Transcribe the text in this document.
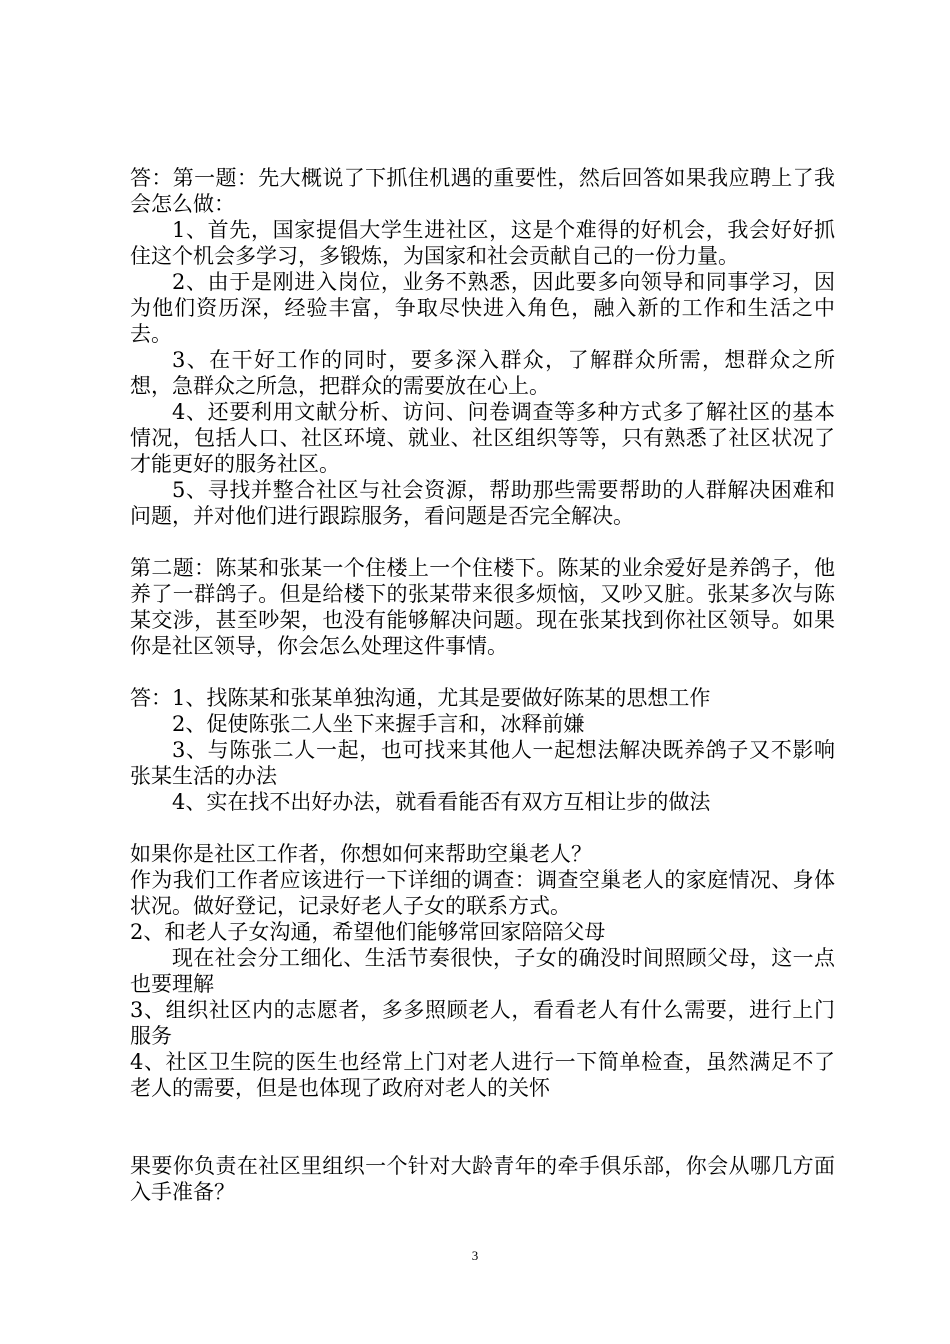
答：第一题：先大概说了下抓住机遇的重要性，然后回答如果我应聘上了我会怎么做：

1、首先，国家提倡大学生进社区，这是个难得的好机会，我会好好抓住这个机会多学习，多锻炼，为国家和社会贡献自己的一份力量。

2、由于是刚进入岗位，业务不熟悉，因此要多向领导和同事学习，因为他们资历深，经验丰富，争取尽快进入角色，融入新的工作和生活之中去。

3、在干好工作的同时，要多深入群众，了解群众所需，想群众之所想，急群众之所急，把群众的需要放在心上。

4、还要利用文献分析、访问、问卷调查等多种方式多了解社区的基本情况，包括人口、社区环境、就业、社区组织等等，只有熟悉了社区状况了才能更好的服务社区。

5、寻找并整合社区与社会资源，帮助那些需要帮助的人群解决困难和问题，并对他们进行跟踪服务，看问题是否完全解决。

第二题：陈某和张某一个住楼上一个住楼下。陈某的业余爱好是养鸽子，他养了一群鸽子。但是给楼下的张某带来很多烦恼，又吵又脏。张某多次与陈某交涉，甚至吵架，也没有能够解决问题。现在张某找到你社区领导。如果你是社区领导，你会怎么处理这件事情。

答：1、找陈某和张某单独沟通，尤其是要做好陈某的思想工作

2、促使陈张二人坐下来握手言和，冰释前嫌

3、与陈张二人一起，也可找来其他人一起想法解决既养鸽子又不影响张某生活的办法

4、实在找不出好办法，就看看能否有双方互相让步的做法

如果你是社区工作者，你想如何来帮助空巢老人？

作为我们工作者应该进行一下详细的调查：调查空巢老人的家庭情况、身体状况。做好登记，记录好老人子女的联系方式。

2、和老人子女沟通，希望他们能够常回家陪陪父母

现在社会分工细化、生活节奏很快，子女的确没时间照顾父母，这一点也要理解

3、组织社区内的志愿者，多多照顾老人，看看老人有什么需要，进行上门服务

4、社区卫生院的医生也经常上门对老人进行一下简单检查，虽然满足不了老人的需要，但是也体现了政府对老人的关怀

果要你负责在社区里组织一个针对大龄青年的牵手俱乐部，你会从哪几方面入手准备？

3
